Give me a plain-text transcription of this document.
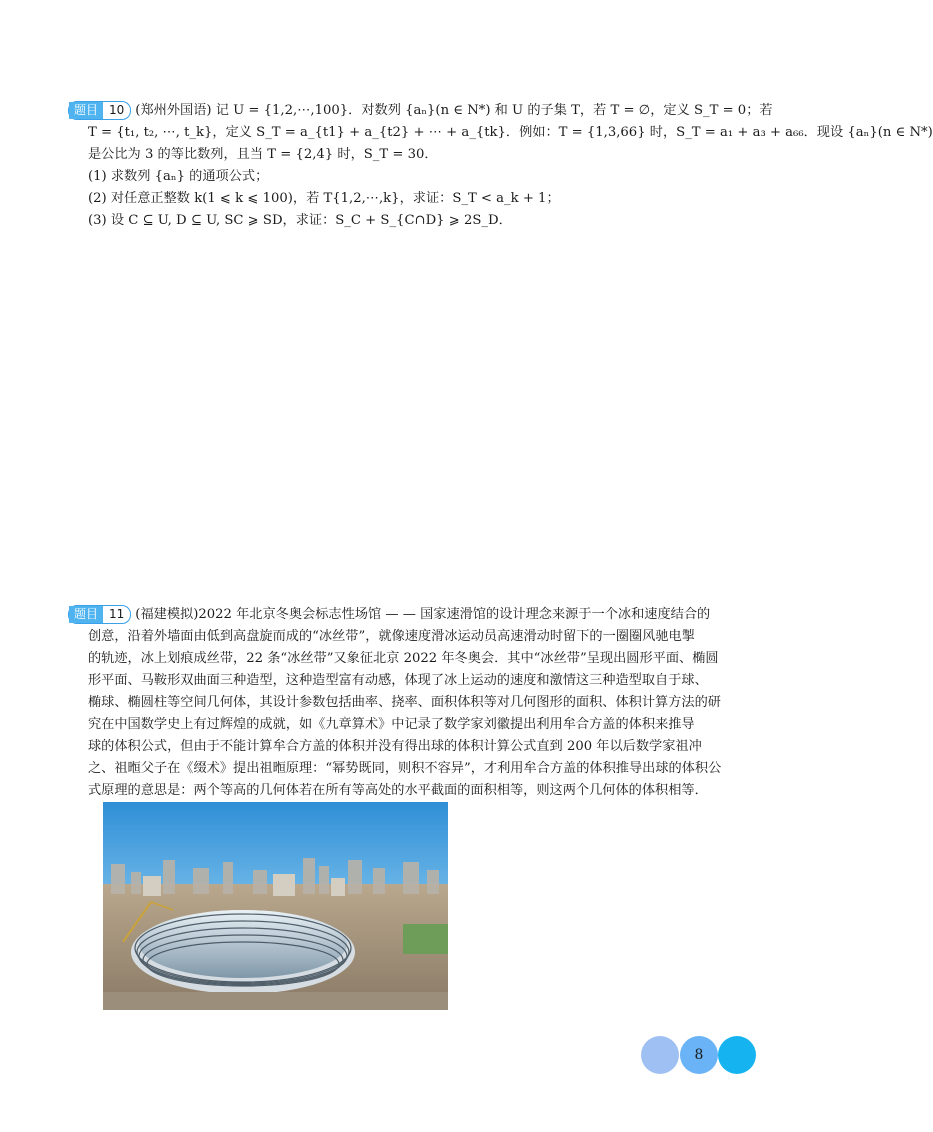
题目 10 (郑州外国语) 记 U = {1,2,⋯,100}．对数列 {aₙ}(n ∈ N*) 和 U 的子集 T，若 T = ∅，定义 S_T = 0；若
T = {t₁, t₂, ⋯, t_k}，定义 S_T = a_{t1} + a_{t2} + ⋯ + a_{tk}．例如：T = {1,3,66} 时，S_T = a₁ + a₃ + a₆₆．现设 {aₙ}(n ∈ N*)
是公比为 3 的等比数列，且当 T = {2,4} 时，S_T = 30．
(1) 求数列 {aₙ} 的通项公式；
(2) 对任意正整数 k(1 ⩽ k ⩽ 100)，若 T{1,2,⋯,k}，求证：S_T < a_k + 1；
(3) 设 C ⊆ U, D ⊆ U, SC ⩾ SD，求证：S_C + S_{C∩D} ⩾ 2S_D．
题目 11 (福建模拟)2022 年北京冬奥会标志性场馆 — — 国家速滑馆的设计理念来源于一个冰和速度结合的
创意，沿着外墙面由低到高盘旋而成的“冰丝带”，就像速度滑冰运动员高速滑动时留下的一圈圈风驰电掣
的轨迹，冰上划痕成丝带，22 条“冰丝带”又象征北京 2022 年冬奥会．其中“冰丝带”呈现出圆形平面、椭圆
形平面、马鞍形双曲面三种造型，这种造型富有动感，体现了冰上运动的速度和激情这三种造型取自于球、
椭球、椭圆柱等空间几何体，其设计参数包括曲率、挠率、面积体积等对几何图形的面积、体积计算方法的研
究在中国数学史上有过辉煌的成就，如《九章算术》中记录了数学家刘徽提出利用牟合方盖的体积来推导
球的体积公式，但由于不能计算牟合方盖的体积并没有得出球的体积计算公式直到 200 年以后数学家祖冲
之、祖暅父子在《缀术》提出祖暅原理：“幂势既同，则积不容异”，才利用牟合方盖的体积推导出球的体积公
式原理的意思是：两个等高的几何体若在所有等高处的水平截面的面积相等，则这两个几何体的体积相等．
8
